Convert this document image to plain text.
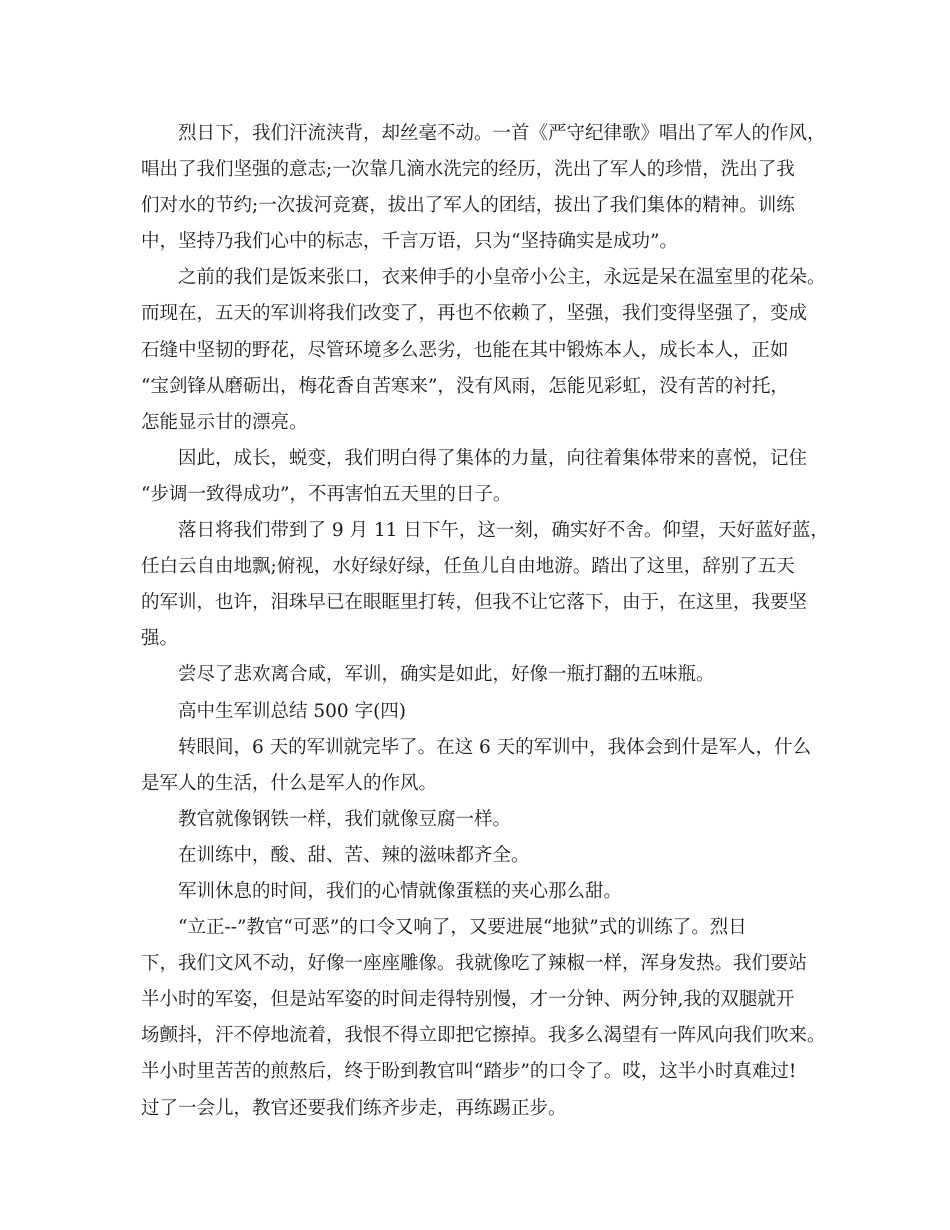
烈日下，我们汗流浃背，却丝毫不动。一首《严守纪律歌》唱出了军人的作风，
唱出了我们坚强的意志;一次靠几滴水洗完的经历，洗出了军人的珍惜，洗出了我
们对水的节约;一次拔河竞赛，拔出了军人的团结，拔出了我们集体的精神。训练
中，坚持乃我们心中的标志，千言万语，只为“坚持确实是成功”。
之前的我们是饭来张口，衣来伸手的小皇帝小公主，永远是呆在温室里的花朵。
而现在，五天的军训将我们改变了，再也不依赖了，坚强，我们变得坚强了，变成
石缝中坚韧的野花，尽管环境多么恶劣，也能在其中锻炼本人，成长本人，正如
“宝剑锋从磨砺出，梅花香自苦寒来”，没有风雨，怎能见彩虹，没有苦的衬托，
怎能显示甘的漂亮。
因此，成长，蜕变，我们明白得了集体的力量，向往着集体带来的喜悦，记住
“步调一致得成功”，不再害怕五天里的日子。
落日将我们带到了 9 月 11 日下午，这一刻，确实好不舍。仰望，天好蓝好蓝，
任白云自由地飘;俯视，水好绿好绿，任鱼儿自由地游。踏出了这里，辞别了五天
的军训，也许，泪珠早已在眼眶里打转，但我不让它落下，由于，在这里，我要坚
强。
尝尽了悲欢离合咸，军训，确实是如此，好像一瓶打翻的五味瓶。
高中生军训总结 500 字(四)
转眼间，6 天的军训就完毕了。在这 6 天的军训中，我体会到什是军人，什么
是军人的生活，什么是军人的作风。
教官就像钢铁一样，我们就像豆腐一样。
在训练中，酸、甜、苦、辣的滋味都齐全。
军训休息的时间，我们的心情就像蛋糕的夹心那么甜。
“立正--”教官“可恶”的口令又响了，又要进展“地狱”式的训练了。烈日
下，我们文风不动，好像一座座雕像。我就像吃了辣椒一样，浑身发热。我们要站
半小时的军姿，但是站军姿的时间走得特别慢，才一分钟、两分钟,我的双腿就开
场颤抖，汗不停地流着，我恨不得立即把它擦掉。我多么渴望有一阵风向我们吹来。
半小时里苦苦的煎熬后，终于盼到教官叫“踏步”的口令了。哎，这半小时真难过!
过了一会儿，教官还要我们练齐步走，再练踢正步。
